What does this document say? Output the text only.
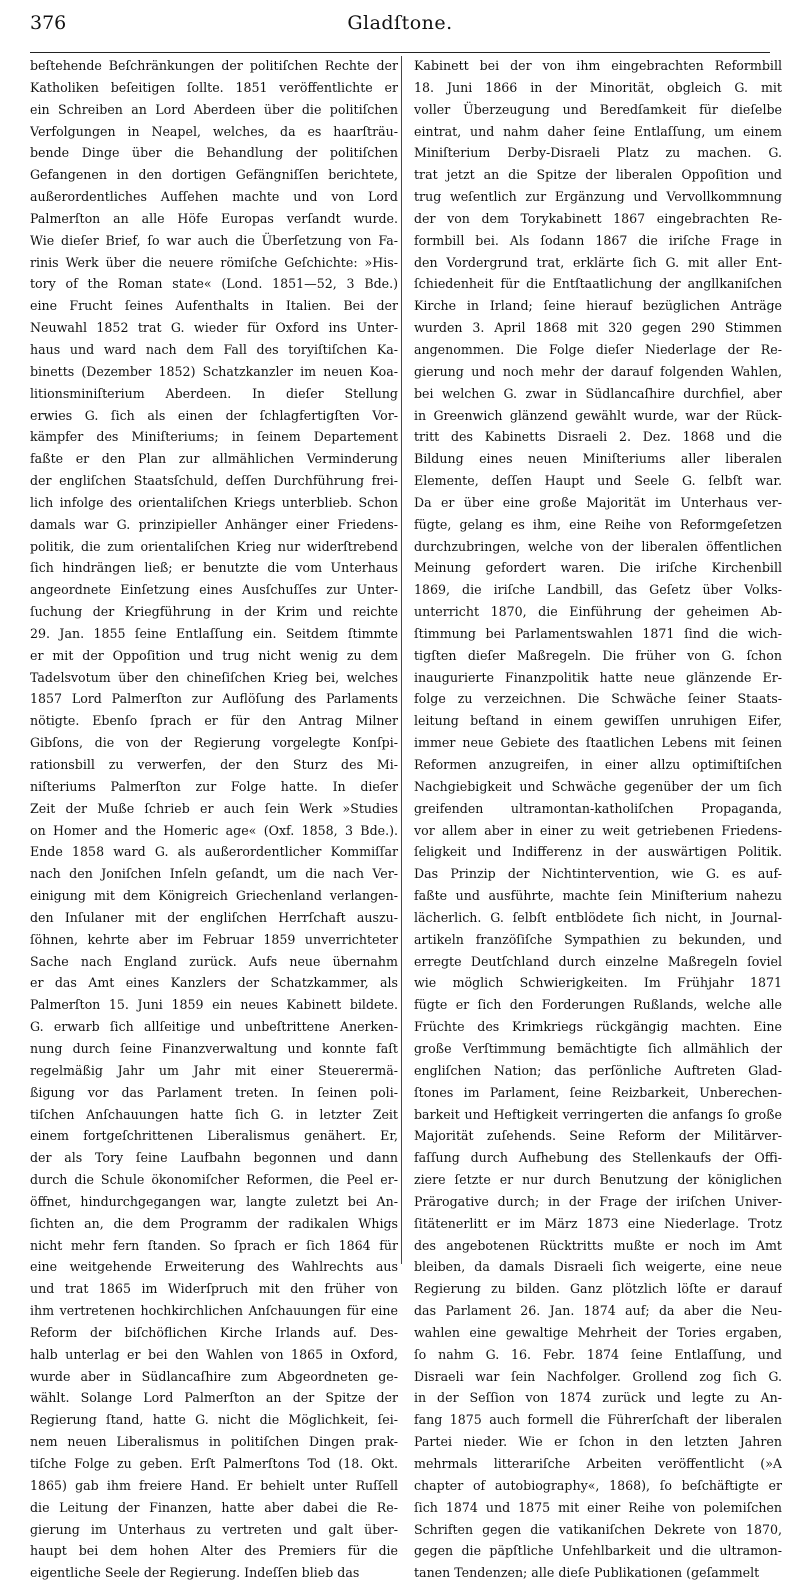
376	Gladſtone.
beſtehende Beſchränkungen der politiſchen Rechte der
Katholiken beſeitigen ſollte. 1851 veröffentlichte er
ein Schreiben an Lord Aberdeen über die politiſchen
Verfolgungen in Neapel, welches, da es haarſträu-
bende Dinge über die Behandlung der politiſchen
Gefangenen in den dortigen Gefängniſſen berichtete,
außerordentliches Aufſehen machte und von Lord
Palmerſton an alle Höfe Europas verſandt wurde.
Wie dieſer Brief, ſo war auch die Überſetzung von Fa-
rinis Werk über die neuere römiſche Geſchichte: »His-
tory of the Roman state« (Lond. 1851—52, 3 Bde.)
eine Frucht ſeines Aufenthalts in Italien. Bei der
Neuwahl 1852 trat G. wieder für Oxford ins Unter-
haus und ward nach dem Fall des toryiſtiſchen Ka-
binetts (Dezember 1852) Schatzkanzler im neuen Koa-
litionsminiſterium Aberdeen. In dieſer Stellung
erwies G. ſich als einen der ſchlagfertigſten Vor-
kämpfer des Miniſteriums; in ſeinem Departement
faßte er den Plan zur allmählichen Verminderung
der engliſchen Staatsſchuld, deſſen Durchführung frei-
lich infolge des orientaliſchen Kriegs unterblieb. Schon
damals war G. prinzipieller Anhänger einer Friedens-
politik, die zum orientaliſchen Krieg nur widerſtrebend
ſich hindrängen ließ; er benutzte die vom Unterhaus
angeordnete Einſetzung eines Ausſchuſſes zur Unter-
ſuchung der Kriegführung in der Krim und reichte
29. Jan. 1855 ſeine Entlaſſung ein. Seitdem ſtimmte
er mit der Oppoſition und trug nicht wenig zu dem
Tadelsvotum über den chineſiſchen Krieg bei, welches
1857 Lord Palmerſton zur Auflöſung des Parlaments
nötigte. Ebenſo ſprach er für den Antrag Milner
Gibſons, die von der Regierung vorgelegte Konſpi-
rationsbill zu verwerfen, der den Sturz des Mi-
niſteriums Palmerſton zur Folge hatte. In dieſer
Zeit der Muße ſchrieb er auch ſein Werk »Studies
on Homer and the Homeric age« (Oxf. 1858, 3 Bde.).
Ende 1858 ward G. als außerordentlicher Kommiſſar
nach den Joniſchen Inſeln geſandt, um die nach Ver-
einigung mit dem Königreich Griechenland verlangen-
den Inſulaner mit der engliſchen Herrſchaft auszu-
ſöhnen, kehrte aber im Februar 1859 unverrichteter
Sache nach England zurück. Aufs neue übernahm
er das Amt eines Kanzlers der Schatzkammer, als
Palmerſton 15. Juni 1859 ein neues Kabinett bildete.
G. erwarb ſich allſeitige und unbeſtrittene Anerken-
nung durch ſeine Finanzverwaltung und konnte faſt
regelmäßig Jahr um Jahr mit einer Steuerermä-
ßigung vor das Parlament treten. In ſeinen poli-
tiſchen Anſchauungen hatte ſich G. in letzter Zeit
einem fortgeſchrittenen Liberalismus genähert. Er,
der als Tory ſeine Laufbahn begonnen und dann
durch die Schule ökonomiſcher Reformen, die Peel er-
öffnet, hindurchgegangen war, langte zuletzt bei An-
ſichten an, die dem Programm der radikalen Whigs
nicht mehr fern ſtanden. So ſprach er ſich 1864 für
eine weitgehende Erweiterung des Wahlrechts aus
und trat 1865 im Widerſpruch mit den früher von
ihm vertretenen hochkirchlichen Anſchauungen für eine
Reform der biſchöflichen Kirche Irlands auf. Des-
halb unterlag er bei den Wahlen von 1865 in Oxford,
wurde aber in Südlancaſhire zum Abgeordneten ge-
wählt. Solange Lord Palmerſton an der Spitze der
Regierung ſtand, hatte G. nicht die Möglichkeit, ſei-
nem neuen Liberalismus in politiſchen Dingen prak-
tiſche Folge zu geben. Erſt Palmerſtons Tod (18. Okt.
1865) gab ihm freiere Hand. Er behielt unter Ruſſell
die Leitung der Finanzen, hatte aber dabei die Re-
gierung im Unterhaus zu vertreten und galt über-
haupt bei dem hohen Alter des Premiers für die
eigentliche Seele der Regierung. Indeſſen blieb das
Kabinett bei der von ihm eingebrachten Reformbill
18. Juni 1866 in der Minorität, obgleich G. mit
voller Überzeugung und Beredſamkeit für dieſelbe
eintrat, und nahm daher ſeine Entlaſſung, um einem
Miniſterium Derby-Disraeli Platz zu machen. G.
trat jetzt an die Spitze der liberalen Oppoſition und
trug weſentlich zur Ergänzung und Vervollkommnung
der von dem Torykabinett 1867 eingebrachten Re-
formbill bei. Als ſodann 1867 die iriſche Frage in
den Vordergrund trat, erklärte ſich G. mit aller Ent-
ſchiedenheit für die Entſtaatlichung der angllkaniſchen
Kirche in Irland; ſeine hierauf bezüglichen Anträge
wurden 3. April 1868 mit 320 gegen 290 Stimmen
angenommen. Die Folge dieſer Niederlage der Re-
gierung und noch mehr der darauf folgenden Wahlen,
bei welchen G. zwar in Südlancaſhire durchfiel, aber
in Greenwich glänzend gewählt wurde, war der Rück-
tritt des Kabinetts Disraeli 2. Dez. 1868 und die
Bildung eines neuen Miniſteriums aller liberalen
Elemente, deſſen Haupt und Seele G. ſelbſt war.
Da er über eine große Majorität im Unterhaus ver-
fügte, gelang es ihm, eine Reihe von Reformgeſetzen
durchzubringen, welche von der liberalen öffentlichen
Meinung gefordert waren. Die iriſche Kirchenbill
1869, die iriſche Landbill, das Geſetz über Volks-
unterricht 1870, die Einführung der geheimen Ab-
ſtimmung bei Parlamentswahlen 1871 ſind die wich-
tigſten dieſer Maßregeln. Die früher von G. ſchon
inaugurierte Finanzpolitik hatte neue glänzende Er-
folge zu verzeichnen. Die Schwäche ſeiner Staats-
leitung beſtand in einem gewiſſen unruhigen Eifer,
immer neue Gebiete des ſtaatlichen Lebens mit ſeinen
Reformen anzugreifen, in einer allzu optimiſtiſchen
Nachgiebigkeit und Schwäche gegenüber der um ſich
greifenden ultramontan-katholiſchen Propaganda,
vor allem aber in einer zu weit getriebenen Friedens-
ſeligkeit und Indifferenz in der auswärtigen Politik.
Das Prinzip der Nichtintervention, wie G. es auf-
faßte und ausführte, machte ſein Miniſterium nahezu
lächerlich. G. ſelbſt entblödete ſich nicht, in Journal-
artikeln franzöſiſche Sympathien zu bekunden, und
erregte Deutſchland durch einzelne Maßregeln ſoviel
wie möglich Schwierigkeiten. Im Frühjahr 1871
fügte er ſich den Forderungen Rußlands, welche alle
Früchte des Krimkriegs rückgängig machten. Eine
große Verſtimmung bemächtigte ſich allmählich der
engliſchen Nation; das perſönliche Auftreten Glad-
ſtones im Parlament, ſeine Reizbarkeit, Unberechen-
barkeit und Heftigkeit verringerten die anfangs ſo große
Majorität zuſehends. Seine Reform der Militärver-
faſſung durch Aufhebung des Stellenkaufs der Offi-
ziere ſetzte er nur durch Benutzung der königlichen
Prärogative durch; in der Frage der iriſchen Univer-
ſitätenerlitt er im März 1873 eine Niederlage. Trotz
des angebotenen Rücktritts mußte er noch im Amt
bleiben, da damals Disraeli ſich weigerte, eine neue
Regierung zu bilden. Ganz plötzlich löſte er darauf
das Parlament 26. Jan. 1874 auf; da aber die Neu-
wahlen eine gewaltige Mehrheit der Tories ergaben,
ſo nahm G. 16. Febr. 1874 ſeine Entlaſſung, und
Disraeli war ſein Nachfolger. Grollend zog ſich G.
in der Seſſion von 1874 zurück und legte zu An-
fang 1875 auch formell die Führerſchaft der liberalen
Partei nieder. Wie er ſchon in den letzten Jahren
mehrmals litterariſche Arbeiten veröffentlicht (»A
chapter of autobiography«, 1868), ſo beſchäftigte er
ſich 1874 und 1875 mit einer Reihe von polemiſchen
Schriften gegen die vatikaniſchen Dekrete von 1870,
gegen die päpſtliche Unfehlbarkeit und die ultramon-
tanen Tendenzen; alle dieſe Publikationen (geſammelt
